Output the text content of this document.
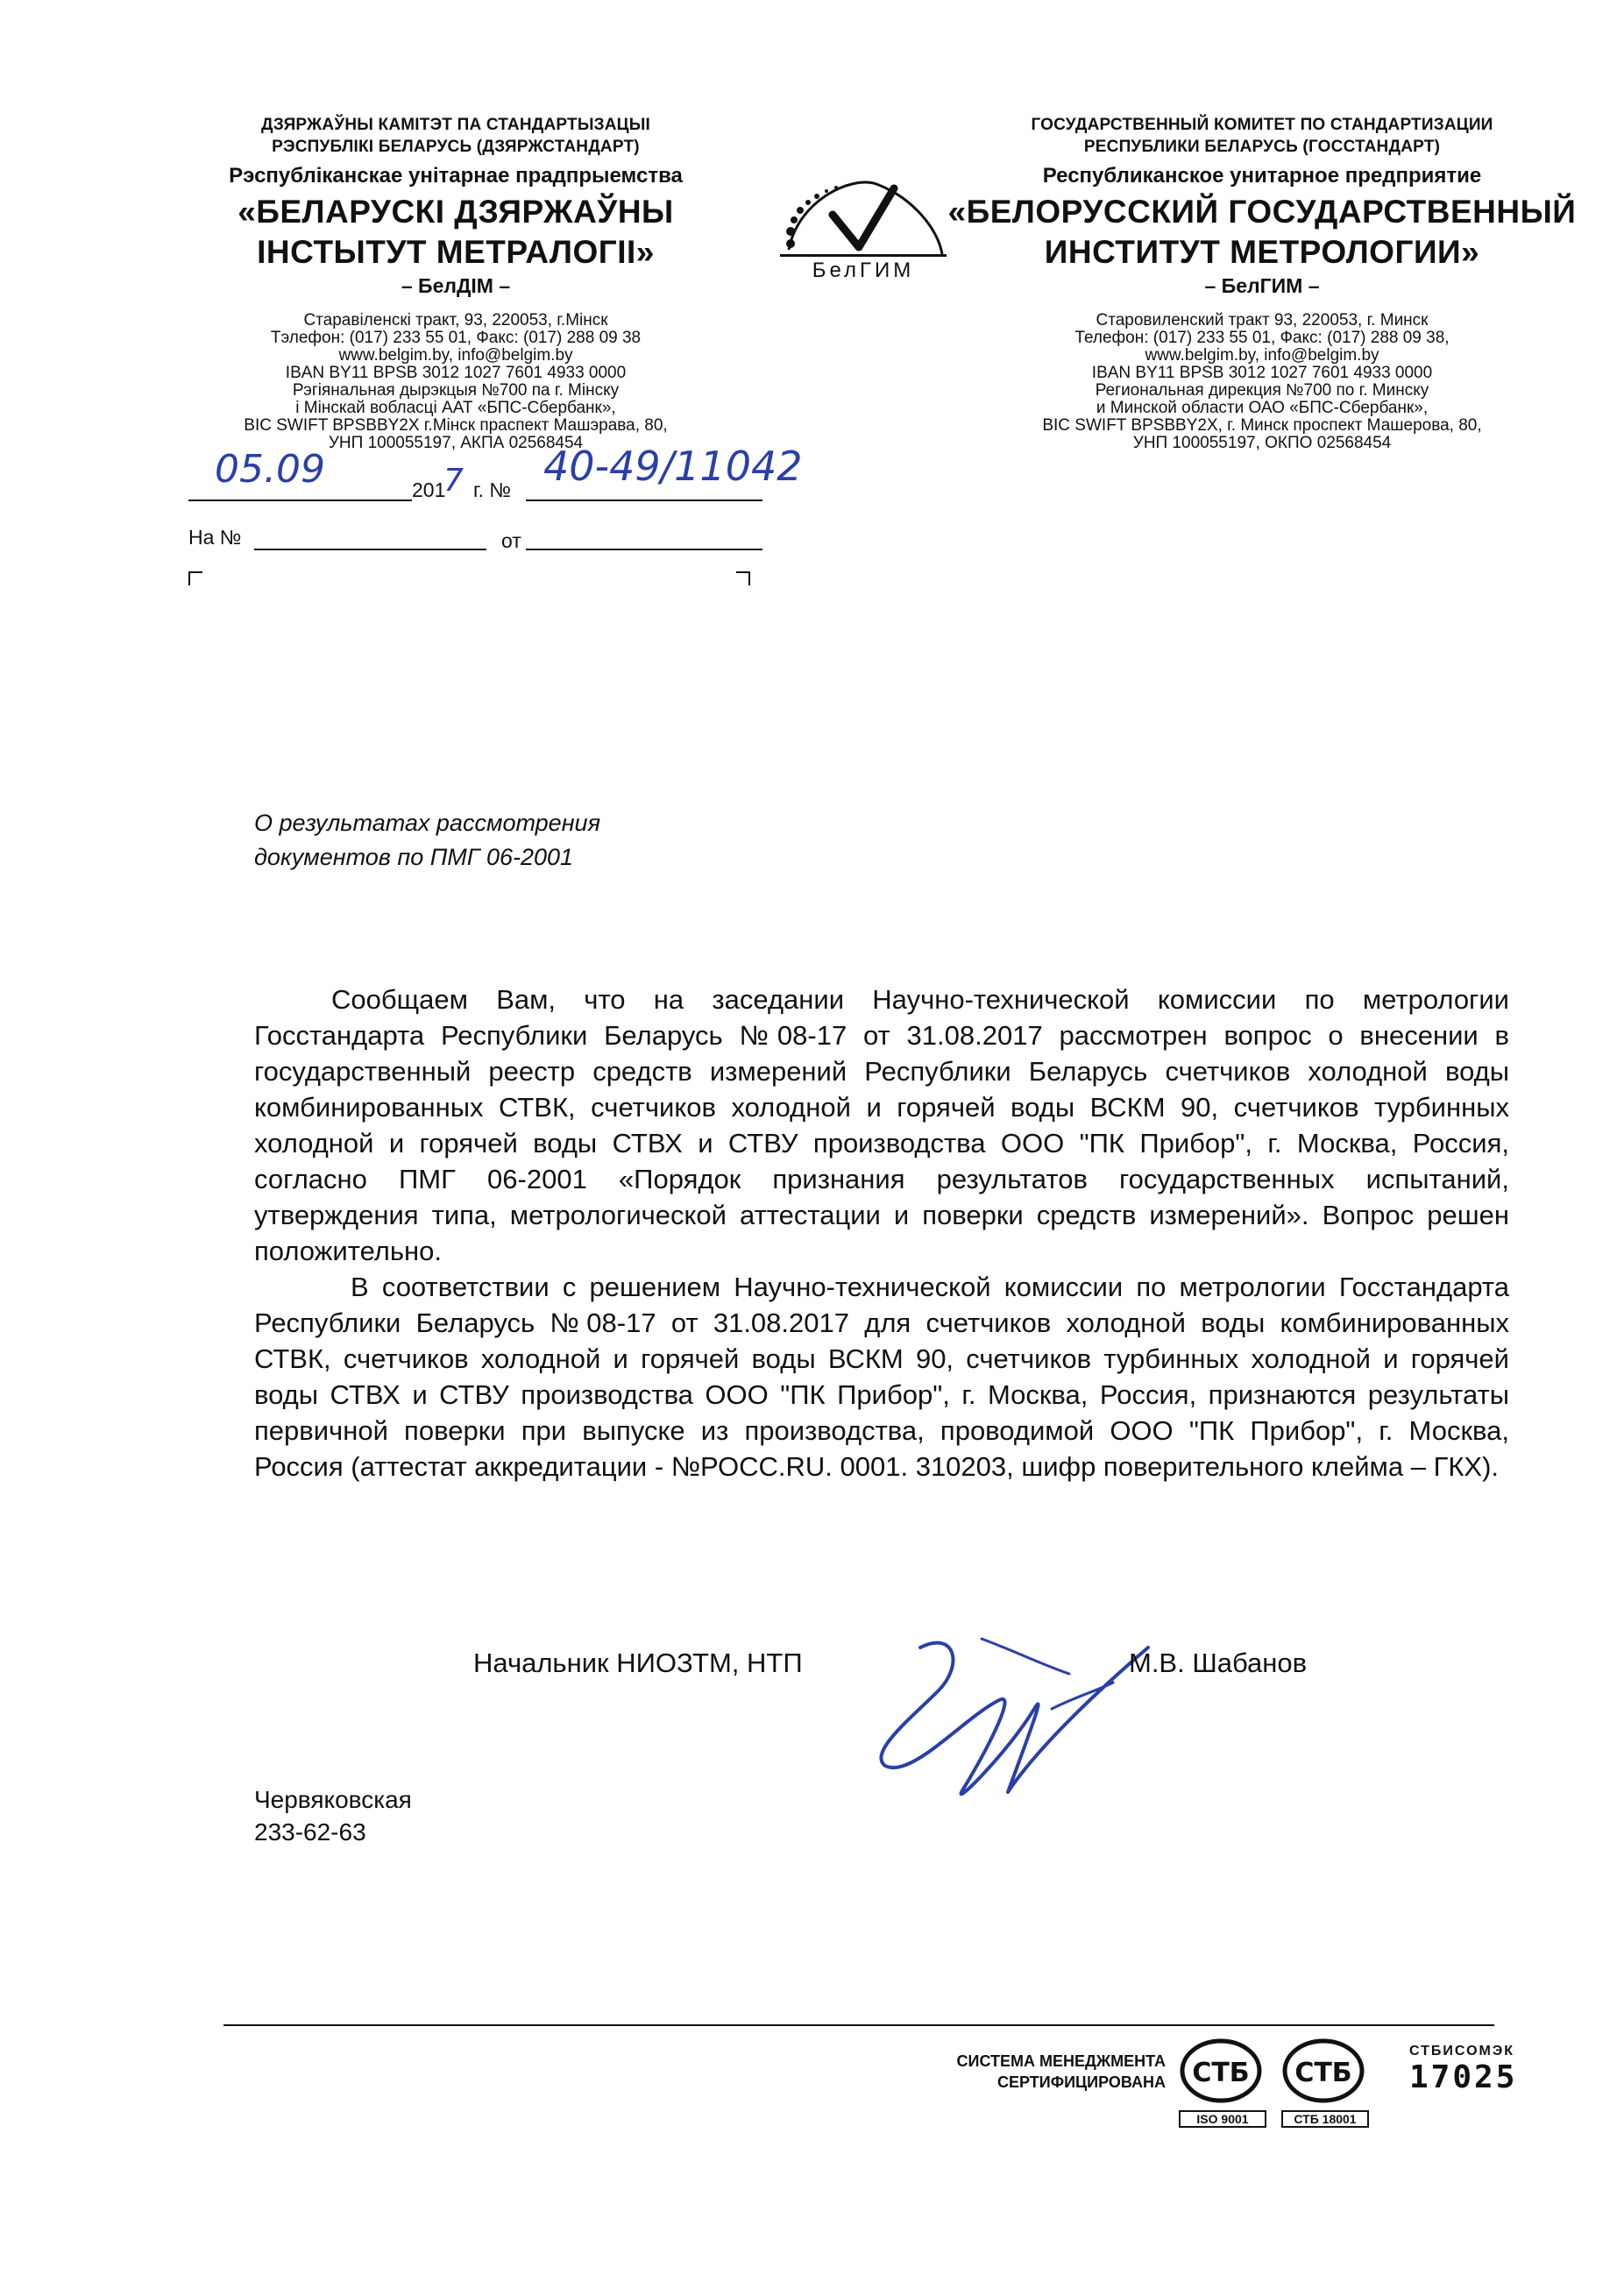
ДЗЯРЖАЎНЫ КАМІТЭТ ПА СТАНДАРТЫЗАЦЫІ
РЭСПУБЛІКІ БЕЛАРУСЬ (ДЗЯРЖСТАНДАРТ)
Рэспубліканскае унітарнае прадпрыемства
«БЕЛАРУСКІ ДЗЯРЖАЎНЫ
ІНСТЫТУТ МЕТРАЛОГІІ»
– БелДІМ –
Старавіленскі тракт, 93, 220053, г.Мінск
Тэлефон: (017) 233 55 01, Факс: (017) 288 09 38
www.belgim.by, info@belgim.by
IBAN BY11 BPSB 3012 1027 7601 4933 0000
Рэгіянальная дырэкцыя №700 па г. Мінску
і Мінскай вобласці ААТ «БПС-Сбербанк»,
BIC SWIFT BPSBBY2X г.Мінск праспект Машэрава, 80,
УНП 100055197, АКПА 02568454
БелГИМ
ГОСУДАРСТВЕННЫЙ КОМИТЕТ ПО СТАНДАРТИЗАЦИИ
РЕСПУБЛИКИ БЕЛАРУСЬ (ГОССТАНДАРТ)
Республиканское унитарное предприятие
«БЕЛОРУССКИЙ ГОСУДАРСТВЕННЫЙ
ИНСТИТУТ МЕТРОЛОГИИ»
– БелГИМ –
Старовиленский тракт 93, 220053, г. Минск
Телефон: (017) 233 55 01, Факс: (017) 288 09 38,
www.belgim.by, info@belgim.by
IBAN BY11 BPSB 3012 1027 7601 4933 0000
Региональная дирекция №700 по г. Минску
и Минской области ОАО «БПС-Сбербанк»,
BIC SWIFT BPSBBY2X, г. Минск проспект Машерова, 80,
УНП 100055197, ОКПО 02568454
05.09	201
7 г. № 40-49/11042
На №	от
О результатах рассмотрения
документов по ПМГ 06-2001

Сообщаем Вам, что на заседании Научно-технической комиссии по метрологии Госстандарта Республики Беларусь №08-17 от 31.08.2017 рассмотрен вопрос о внесении в государственный реестр средств измерений Республики Беларусь счетчиков холодной воды комбинированных СТВК, счетчиков холодной и горячей воды ВСКМ 90, счетчиков турбинных холодной и горячей воды СТВХ и СТВУ производства ООО "ПК Прибор", г. Москва, Россия, согласно ПМГ 06-2001 «Порядок признания результатов государственных испытаний, утверждения типа, метрологической аттестации и поверки средств измерений». Вопрос решен положительно.

В соответствии с решением Научно-технической комиссии по метрологии Госстандарта Республики Беларусь №08-17 от 31.08.2017 для счетчиков холодной воды комбинированных СТВК, счетчиков холодной и горячей воды ВСКМ 90, счетчиков турбинных холодной и горячей воды СТВХ и СТВУ производства ООО "ПК Прибор", г. Москва, Россия, признаются результаты первичной поверки при выпуске из производства, проводимой ООО "ПК Прибор", г. Москва, Россия (аттестат аккредитации - №РОСС.RU. 0001. 310203, шифр поверительного клейма – ГКХ).

Начальник НИОЗТМ, НТП	М.В. Шабанов
Червяковская
233-62-63
СИСТЕМА МЕНЕДЖМЕНТА
СЕРТИФИЦИРОВАНА СТБ
ISO 9001
СТБ
СТБ 18001
СТБИСОМЭК
17025
